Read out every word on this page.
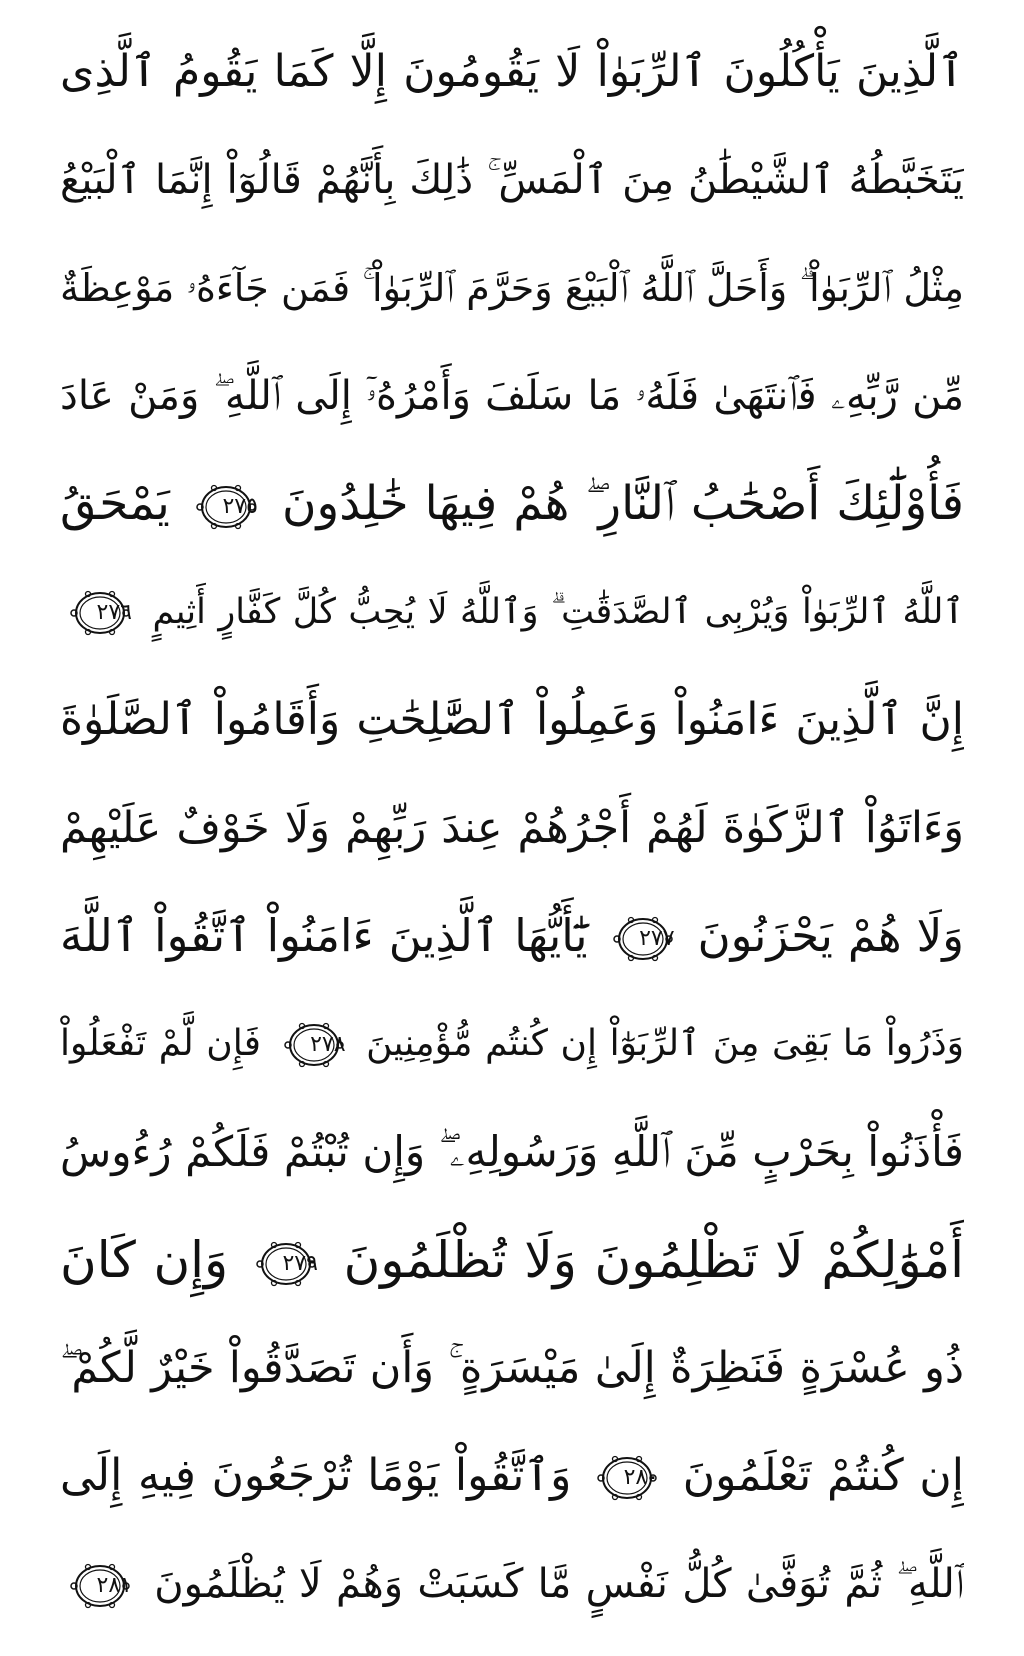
ٱلَّذِينَ يَأْكُلُونَ ٱلرِّبَوٰاْ لَا يَقُومُونَ إِلَّا كَمَا يَقُومُ ٱلَّذِى
يَتَخَبَّطُهُ ٱلشَّيْطَٰنُ مِنَ ٱلْمَسِّ ۚ ذَٰلِكَ بِأَنَّهُمْ قَالُوٓاْ إِنَّمَا ٱلْبَيْعُ
مِثْلُ ٱلرِّبَوٰاْ ۗ وَأَحَلَّ ٱللَّهُ ٱلْبَيْعَ وَحَرَّمَ ٱلرِّبَوٰاْ ۚ فَمَن جَآءَهُۥ مَوْعِظَةٌ
مِّن رَّبِّهِۦ فَٱنتَهَىٰ فَلَهُۥ مَا سَلَفَ وَأَمْرُهُۥٓ إِلَى ٱللَّهِ ۖ وَمَنْ عَادَ
فَأُوْلَٰٓئِكَ أَصْحَٰبُ ٱلنَّارِ ۖ هُمْ فِيهَا خَٰلِدُونَ
٢٧٥
يَمْحَقُ
ٱللَّهُ ٱلرِّبَوٰاْ وَيُرْبِى ٱلصَّدَقَٰتِ ۗ وَٱللَّهُ لَا يُحِبُّ كُلَّ كَفَّارٍ أَثِيمٍ
٢٧٦
إِنَّ ٱلَّذِينَ ءَامَنُواْ وَعَمِلُواْ ٱلصَّٰلِحَٰتِ وَأَقَامُواْ ٱلصَّلَوٰةَ
وَءَاتَوُاْ ٱلزَّكَوٰةَ لَهُمْ أَجْرُهُمْ عِندَ رَبِّهِمْ وَلَا خَوْفٌ عَلَيْهِمْ
وَلَا هُمْ يَحْزَنُونَ
٢٧٧
يَٰٓأَيُّهَا ٱلَّذِينَ ءَامَنُواْ ٱتَّقُواْ ٱللَّهَ
وَذَرُواْ مَا بَقِىَ مِنَ ٱلرِّبَوٰٓاْ إِن كُنتُم مُّؤْمِنِينَ
٢٧٨
فَإِن لَّمْ تَفْعَلُواْ
فَأْذَنُواْ بِحَرْبٍ مِّنَ ٱللَّهِ وَرَسُولِهِۦ ۖ وَإِن تُبْتُمْ فَلَكُمْ رُءُوسُ
أَمْوَٰلِكُمْ لَا تَظْلِمُونَ وَلَا تُظْلَمُونَ
٢٧٩
وَإِن كَانَ
ذُو عُسْرَةٍ فَنَظِرَةٌ إِلَىٰ مَيْسَرَةٍ ۚ وَأَن تَصَدَّقُواْ خَيْرٌ لَّكُمْ ۖ
إِن كُنتُمْ تَعْلَمُونَ
٢٨٠
وَٱتَّقُواْ يَوْمًا تُرْجَعُونَ فِيهِ إِلَى
ٱللَّهِ ۖ ثُمَّ تُوَفَّىٰ كُلُّ نَفْسٍ مَّا كَسَبَتْ وَهُمْ لَا يُظْلَمُونَ
٢٨١
